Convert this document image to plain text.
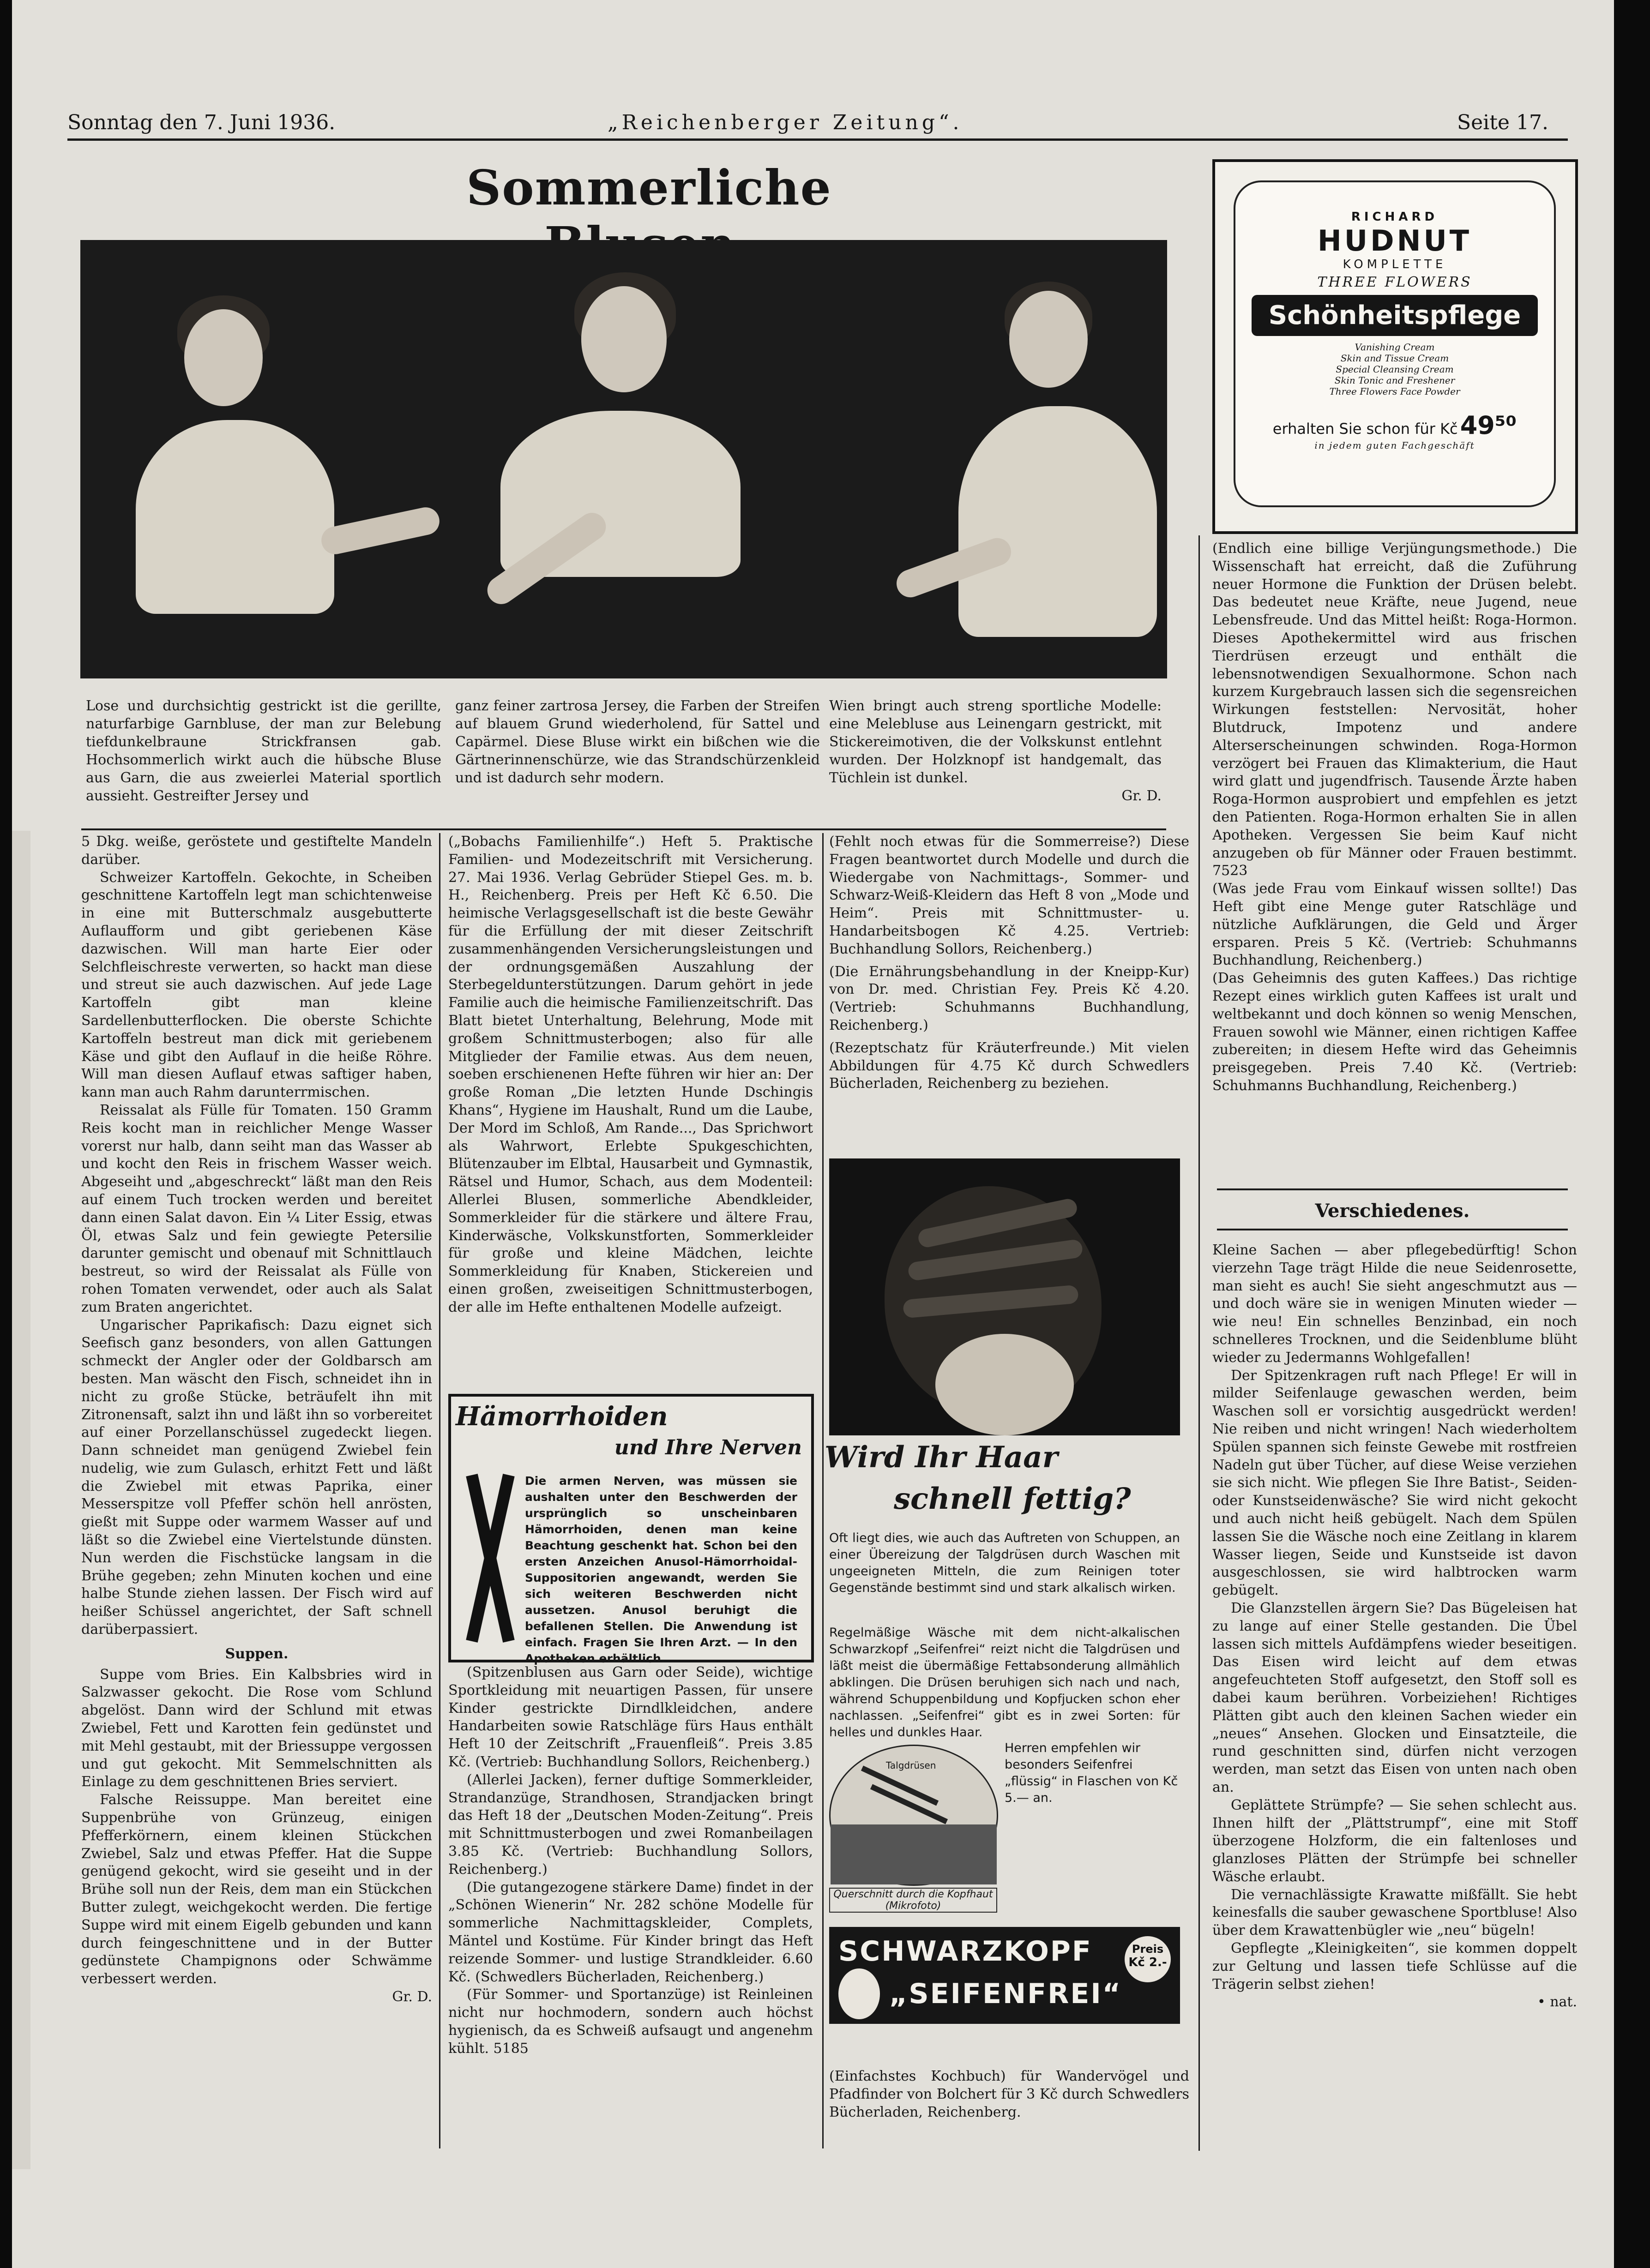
Sonntag den 7. Juni 1936.	„Reichenberger Zeitung“.	Seite 17.
Sommerliche
Lose und durchsichtig gestrickt ist die gerillte, naturfarbige Garnbluse, der man zur Belebung tiefdunkelbraune Strickfransen gab. Hochsommerlich wirkt auch die hübsche Bluse aus Garn, die aus zweierlei Material sportlich aussieht. Gestreifter Jersey und
ganz feiner zartrosa Jersey, die Farben der Streifen auf blauem Grund wiederholend, für Sattel und Capärmel. Diese Bluse wirkt ein bißchen wie die Gärtnerinnenschürze, wie das Strandschürzenkleid und ist dadurch sehr modern.
Wien bringt auch streng sportliche Modelle: eine Melebluse aus Leinengarn gestrickt, mit Stickereimotiven, die der Volkskunst entlehnt wurden. Der Holzknopf ist handgemalt, das Tüchlein ist dunkel.
Gr. D.

5 Dkg. weiße, geröstete und gestiftelte Mandeln darüber.

Schweizer Kartoffeln. Gekochte, in Scheiben geschnittene Kartoffeln legt man schichtenweise in eine mit Butterschmalz ausgebutterte Auflaufform und gibt geriebenen Käse dazwischen. Will man harte Eier oder Selchfleischreste verwerten, so hackt man diese und streut sie auch dazwischen. Auf jede Lage Kartoffeln gibt man kleine Sardellenbutterflocken. Die oberste Schichte Kartoffeln bestreut man dick mit geriebenem Käse und gibt den Auflauf in die heiße Röhre. Will man diesen Auflauf etwas saftiger haben, kann man auch Rahm darunterrmischen.

Reissalat als Fülle für Tomaten. 150 Gramm Reis kocht man in reichlicher Menge Wasser vorerst nur halb, dann seiht man das Wasser ab und kocht den Reis in frischem Wasser weich. Abgeseiht und „abgeschreckt“ läßt man den Reis auf einem Tuch trocken werden und bereitet dann einen Salat davon. Ein ¼ Liter Essig, etwas Öl, etwas Salz und fein gewiegte Petersilie darunter gemischt und obenauf mit Schnittlauch bestreut, so wird der Reissalat als Fülle von rohen Tomaten verwendet, oder auch als Salat zum Braten angerichtet.

Ungarischer Paprikafisch: Dazu eignet sich Seefisch ganz besonders, von allen Gattungen schmeckt der Angler oder der Goldbarsch am besten. Man wäscht den Fisch, schneidet ihn in nicht zu große Stücke, beträufelt ihn mit Zitronensaft, salzt ihn und läßt ihn so vorbereitet auf einer Porzellanschüssel zugedeckt liegen. Dann schneidet man genügend Zwiebel fein nudelig, wie zum Gulasch, erhitzt Fett und läßt die Zwiebel mit etwas Paprika, einer Messerspitze voll Pfeffer schön hell anrösten, gießt mit Suppe oder warmem Wasser auf und läßt so die Zwiebel eine Viertelstunde dünsten. Nun werden die Fischstücke langsam in die Brühe gegeben; zehn Minuten kochen und eine halbe Stunde ziehen lassen. Der Fisch wird auf heißer Schüssel angerichtet, der Saft schnell darüberpassiert.

Suppen.

Suppe vom Bries. Ein Kalbsbries wird in Salzwasser gekocht. Die Rose vom Schlund abgelöst. Dann wird der Schlund mit etwas Zwiebel, Fett und Karotten fein gedünstet und mit Mehl gestaubt, mit der Briessuppe vergossen und gut gekocht. Mit Semmelschnitten als Einlage zu dem geschnittenen Bries serviert.

Falsche Reissuppe. Man bereitet eine Suppenbrühe von Grünzeug, einigen Pfefferkörnern, einem kleinen Stückchen Zwiebel, Salz und etwas Pfeffer. Hat die Suppe genügend gekocht, wird sie geseiht und in der Brühe soll nun der Reis, dem man ein Stückchen Butter zulegt, weichgekocht werden. Die fertige Suppe wird mit einem Eigelb gebunden und kann durch feingeschnittene und in der Butter gedünstete Champignons oder Schwämme verbessert werden.

Gr. D.

(„Bobachs Familienhilfe“.) Heft 5. Praktische Familien- und Modezeitschrift mit Versicherung. 27. Mai 1936. Verlag Gebrüder Stiepel Ges. m. b. H., Reichenberg. Preis per Heft Kč 6.50. Die heimische Verlagsgesellschaft ist die beste Gewähr für die Erfüllung der mit dieser Zeitschrift zusammenhängenden Versicherungsleistungen und der ordnungsgemäßen Auszahlung der Sterbegeldunterstützungen. Darum gehört in jede Familie auch die heimische Familienzeitschrift. Das Blatt bietet Unterhaltung, Belehrung, Mode mit großem Schnittmusterbogen; also für alle Mitglieder der Familie etwas. Aus dem neuen, soeben erschienenen Hefte führen wir hier an: Der große Roman „Die letzten Hunde Dschingis Khans“, Hygiene im Haushalt, Rund um die Laube, Der Mord im Schloß, Am Rande..., Das Sprichwort als Wahrwort, Erlebte Spukgeschichten, Blütenzauber im Elbtal, Hausarbeit und Gymnastik, Rätsel und Humor, Schach, aus dem Modenteil: Allerlei Blusen, sommerliche Abendkleider, Sommerkleider für die stärkere und ältere Frau, Kinderwäsche, Volkskunstforten, Sommerkleider für große und kleine Mädchen, leichte Sommerkleidung für Knaben, Stickereien und einen großen, zweiseitigen Schnittmusterbogen, der alle im Hefte enthaltenen Modelle aufzeigt.

Hämorrhoiden
und Ihre Nerven
Die armen Nerven, was müssen sie aushalten unter den Beschwerden der ursprünglich so unscheinbaren Hämorrhoiden, denen man keine Beachtung geschenkt hat. Schon bei den ersten Anzeichen Anusol-Hämorrhoidal-Suppositorien angewandt, werden Sie sich weiteren Beschwerden nicht aussetzen. Anusol beruhigt die befallenen Stellen. Die Anwendung ist einfach. Fragen Sie Ihren Arzt. — In den Apotheken erhältlich.

(Spitzenblusen aus Garn oder Seide), wichtige Sportkleidung mit neuartigen Passen, für unsere Kinder gestrickte Dirndlkleidchen, andere Handarbeiten sowie Ratschläge fürs Haus enthält Heft 10 der Zeitschrift „Frauenfleiß“. Preis 3.85 Kč. (Vertrieb: Buchhandlung Sollors, Reichenberg.)

(Allerlei Jacken), ferner duftige Sommerkleider, Strandanzüge, Strandhosen, Strandjacken bringt das Heft 18 der „Deutschen Moden-Zeitung“. Preis mit Schnittmusterbogen und zwei Romanbeilagen 3.85 Kč. (Vertrieb: Buchhandlung Sollors, Reichenberg.)

(Die gutangezogene stärkere Dame) findet in der „Schönen Wienerin“ Nr. 282 schöne Modelle für sommerliche Nachmittagskleider, Complets, Mäntel und Kostüme. Für Kinder bringt das Heft reizende Sommer- und lustige Strandkleider. 6.60 Kč. (Schwedlers Bücherladen, Reichenberg.)

(Für Sommer- und Sportanzüge) ist Reinleinen nicht nur hochmodern, sondern auch höchst hygienisch, da es Schweiß aufsaugt und angenehm kühlt. 5185

(Fehlt noch etwas für die Sommerreise?) Diese Fragen beantwortet durch Modelle und durch die Wiedergabe von Nachmittags-, Sommer- und Schwarz-Weiß-Kleidern das Heft 8 von „Mode und Heim“. Preis mit Schnittmuster- u. Handarbeitsbogen Kč 4.25. Vertrieb: Buchhandlung Sollors, Reichenberg.)

(Die Ernährungsbehandlung in der Kneipp-Kur) von Dr. med. Christian Fey. Preis Kč 4.20. (Vertrieb: Schuhmanns Buchhandlung, Reichenberg.)

(Rezeptschatz für Kräuterfreunde.) Mit vielen Abbildungen für 4.75 Kč durch Schwedlers Bücherladen, Reichenberg zu beziehen.

Wird Ihr Haar
schnell fettig?
Oft liegt dies, wie auch das Auftreten von Schuppen, an einer Übereizung der Talgdrüsen durch Waschen mit ungeeigneten Mitteln, die zum Reinigen toter Gegenstände bestimmt sind und stark alkalisch wirken.
Regelmäßige Wäsche mit dem nicht-alkalischen Schwarzkopf „Seifenfrei“ reizt nicht die Talgdrüsen und läßt meist die übermäßige Fettabsonderung allmählich abklingen. Die Drüsen beruhigen sich nach und nach, während Schuppenbildung und Kopfjucken schon eher nachlassen. „Seifenfrei“ gibt es in zwei Sorten: für helles und dunkles Haar.
Talgdrüsen
Querschnitt durch die Kopfhaut (Mikrofoto)
Herren empfehlen wir besonders Seifenfrei „flüssig“ in Flaschen von Kč 5.— an.
SCHWARZKOPF
„SEIFENFREI“
Preis
Kč 2.-

(Einfachstes Kochbuch) für Wandervögel und Pfadfinder von Bolchert für 3 Kč durch Schwedlers Bücherladen, Reichenberg.

RICHARD
HUDNUT
KOMPLETTE
THREE FLOWERS
Schönheitspflege
Vanishing Cream
Skin and Tissue Cream
Special Cleansing Cream
Skin Tonic and Freshener
Three Flowers Face Powder
erhalten Sie schon für Kč 49⁵⁰
in jedem guten Fachgeschäft

(Endlich eine billige Verjüngungsmethode.) Die Wissenschaft hat erreicht, daß die Zuführung neuer Hormone die Funktion der Drüsen belebt. Das bedeutet neue Kräfte, neue Jugend, neue Lebensfreude. Und das Mittel heißt: Roga-Hormon. Dieses Apothekermittel wird aus frischen Tierdrüsen erzeugt und enthält die lebensnotwendigen Sexualhormone. Schon nach kurzem Kurgebrauch lassen sich die segensreichen Wirkungen feststellen: Nervosität, hoher Blutdruck, Impotenz und andere Alterserscheinungen schwinden. Roga-Hormon verzögert bei Frauen das Klimakterium, die Haut wird glatt und jugendfrisch. Tausende Ärzte haben Roga-Hormon ausprobiert und empfehlen es jetzt den Patienten. Roga-Hormon erhalten Sie in allen Apotheken. Vergessen Sie beim Kauf nicht anzugeben ob für Männer oder Frauen bestimmt. 7523

(Was jede Frau vom Einkauf wissen sollte!) Das Heft gibt eine Menge guter Ratschläge und nützliche Aufklärungen, die Geld und Ärger ersparen. Preis 5 Kč. (Vertrieb: Schuhmanns Buchhandlung, Reichenberg.)

(Das Geheimnis des guten Kaffees.) Das richtige Rezept eines wirklich guten Kaffees ist uralt und weltbekannt und doch können so wenig Menschen, Frauen sowohl wie Männer, einen richtigen Kaffee zubereiten; in diesem Hefte wird das Geheimnis preisgegeben. Preis 7.40 Kč. (Vertrieb: Schuhmanns Buchhandlung, Reichenberg.)

Verschiedenes.

Kleine Sachen — aber pflegebedürftig! Schon vierzehn Tage trägt Hilde die neue Seidenrosette, man sieht es auch! Sie sieht angeschmutzt aus — und doch wäre sie in wenigen Minuten wieder — wie neu! Ein schnelles Benzinbad, ein noch schnelleres Trocknen, und die Seidenblume blüht wieder zu Jedermanns Wohlgefallen!

Der Spitzenkragen ruft nach Pflege! Er will in milder Seifenlauge gewaschen werden, beim Waschen soll er vorsichtig ausgedrückt werden! Nie reiben und nicht wringen! Nach wiederholtem Spülen spannen sich feinste Gewebe mit rostfreien Nadeln gut über Tücher, auf diese Weise verziehen sie sich nicht. Wie pflegen Sie Ihre Batist-, Seiden- oder Kunstseidenwäsche? Sie wird nicht gekocht und auch nicht heiß gebügelt. Nach dem Spülen lassen Sie die Wäsche noch eine Zeitlang in klarem Wasser liegen, Seide und Kunstseide ist davon ausgeschlossen, sie wird halbtrocken warm gebügelt.

Die Glanzstellen ärgern Sie? Das Bügeleisen hat zu lange auf einer Stelle gestanden. Die Übel lassen sich mittels Aufdämpfens wieder beseitigen. Das Eisen wird leicht auf dem etwas angefeuchteten Stoff aufgesetzt, den Stoff soll es dabei kaum berühren. Vorbeiziehen! Richtiges Plätten gibt auch den kleinen Sachen wieder ein „neues“ Ansehen. Glocken und Einsatzteile, die rund geschnitten sind, dürfen nicht verzogen werden, man setzt das Eisen von unten nach oben an.

Geplättete Strümpfe? — Sie sehen schlecht aus. Ihnen hilft der „Plättstrumpf“, eine mit Stoff überzogene Holzform, die ein faltenloses und glanzloses Plätten der Strümpfe bei schneller Wäsche erlaubt.

Die vernachlässigte Krawatte mißfällt. Sie hebt keinesfalls die sauber gewaschene Sportbluse! Also über dem Krawattenbügler wie „neu“ bügeln!

Gepflegte „Kleinigkeiten“, sie kommen doppelt zur Geltung und lassen tiefe Schlüsse auf die Trägerin selbst ziehen!

• nat.
